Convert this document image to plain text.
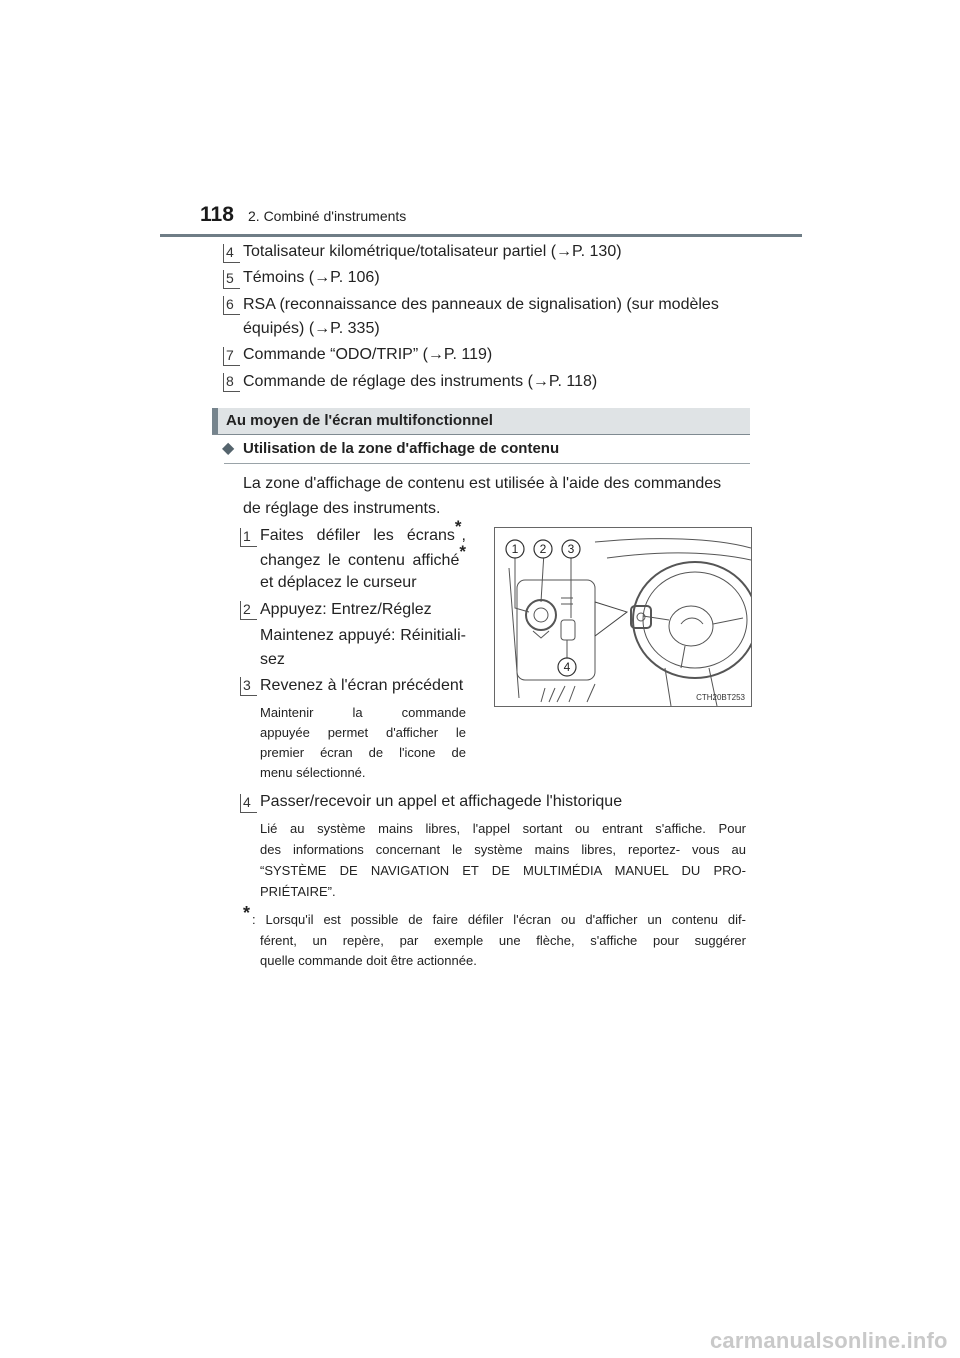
118 2. Combiné d'instruments
4 Totalisateur kilométrique/totalisateur partiel (→P. 130)
5 Témoins (→P. 106)
6 RSA (reconnaissance des panneaux de signalisation) (sur modèles
équipés) (→P. 335)
7 Commande “ODO/TRIP” (→P. 119)
8 Commande de réglage des instruments (→P. 118)
Au moyen de l'écran multifonctionnel
◆ Utilisation de la zone d'affichage de contenu
La zone d'affichage de contenu est utilisée à l'aide des commandes
de réglage des instruments.
1 Faites défiler les écrans*,
changez le contenu affiché*
et déplacez le curseur
2 Appuyez: Entrez/Réglez
Maintenez appuyé: Réinitiali-
sez
3 Revenez à l'écran précédent
Maintenir la commande
appuyée permet d'afficher le
premier écran de l'icone de
menu sélectionné.
1 2 3
4
CTH20BT253
4 Passer/recevoir un appel et affichagede l'historique
Lié au système mains libres, l'appel sortant ou entrant s'affiche. Pour
des informations concernant le système mains libres, reportez- vous au
“SYSTÈME DE NAVIGATION ET DE MULTIMÉDIA MANUEL DU PRO-
PRIÉTAIRE”.
* : Lorsqu'il est possible de faire défiler l'écran ou d'afficher un contenu dif-
férent, un repère, par exemple une flèche, s'affiche pour suggérer
quelle commande doit être actionnée.
carmanualsonline.info
